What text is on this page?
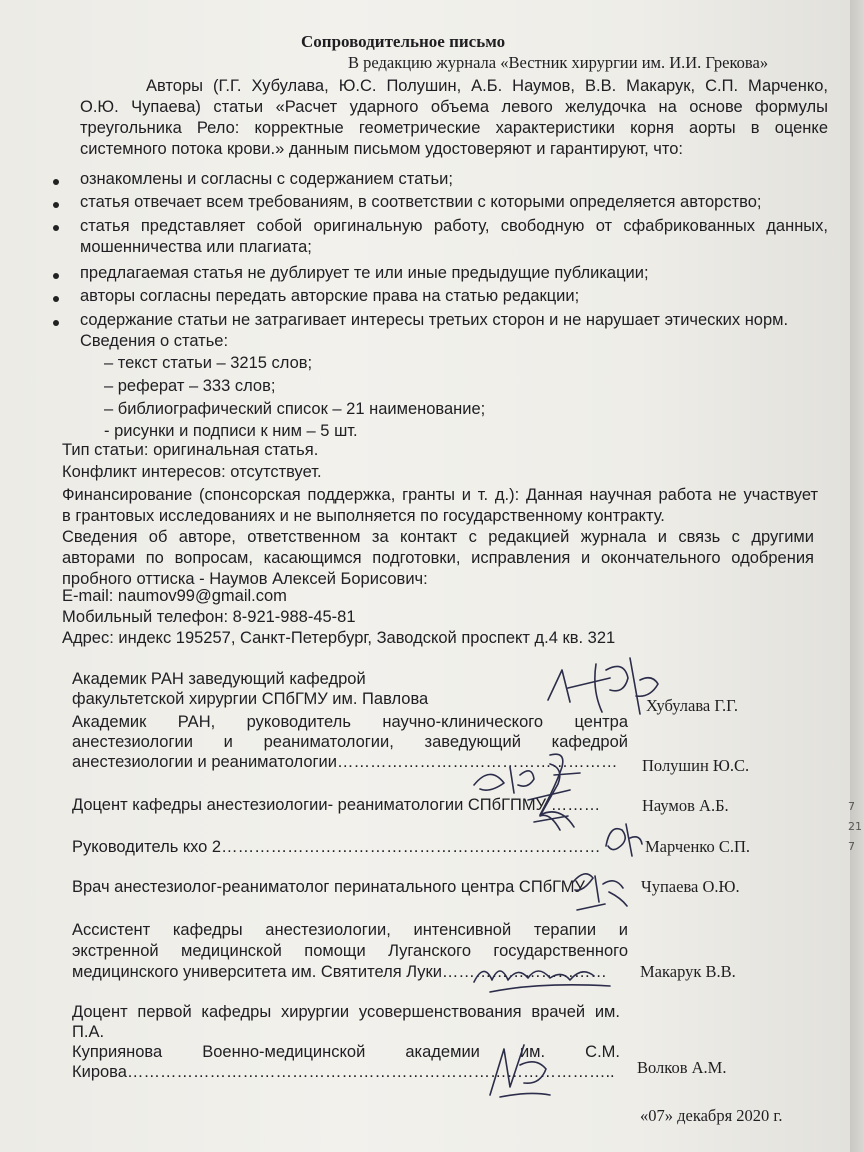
7
21
7
Сопроводительное письмо
В редакцию журнала «Вестник хирургии им. И.И. Грекова»
Авторы (Г.Г. Хубулава, Ю.С. Полушин, А.Б. Наумов, В.В. Макарук, С.П. Марченко,
О.Ю. Чупаева) статьи «Расчет ударного объема левого желудочка на основе формулы
треугольника Рело: корректные геометрические характеристики корня аорты в оценке
системного потока крови.» данным письмом удостоверяют и гарантируют, что:
ознакомлены и согласны с содержанием статьи;
статья отвечает всем требованиям, в соответствии с которыми определяется авторство;
статья представляет собой оригинальную работу, свободную от сфабрикованных данных,
мошенничества или плагиата;
предлагаемая статья не дублирует те или иные предыдущие публикации;
авторы согласны передать авторские права на статью редакции;
содержание статьи не затрагивает интересы третьих сторон и не нарушает этических норм.
Сведения о статье:
– текст статьи – 3215 слов;
– реферат – 333 слов;
– библиографический список – 21 наименование;
- рисунки и подписи к ним – 5 шт.
Тип статьи: оригинальная статья.
Конфликт интересов: отсутствует.
Финансирование (спонсорская поддержка, гранты и т. д.): Данная научная работа не участвует
в грантовых исследованиях и не выполняется по государственному контракту.
Сведения об авторе, ответственном за контакт с редакцией журнала и связь с другими
авторами по вопросам, касающимся подготовки, исправления и окончательного одобрения
пробного оттиска - Наумов Алексей Борисович:
E-mail: naumov99@gmail.com
Мобильный телефон: 8-921-988-45-81
Адрес: индекс 195257, Санкт-Петербург, Заводской проспект д.4 кв. 321
Академик РАН заведующий кафедрой
факультетской хирургии СПбГМУ им. Павлова	Хубулава Г.Г.
Академик РАН, руководитель научно-клинического центра
анестезиологии и реаниматологии, заведующий кафедрой
анестезиологии и реаниматологии……………………………………………	Полушин Ю.С.
Доцент кафедры анестезиологии- реаниматологии СПбГПМУ ………	Наумов А.Б.
Руководитель кхо 2……………………………………………………………	Марченко С.П.
Врач анестезиолог-реаниматолог перинатального центра СПбГМУ	Чупаева О.Ю.
Ассистент кафедры анестезиологии, интенсивной терапии и
экстренной медицинской помощи Луганского государственного
медицинского университета им. Святителя Луки…………………………	Макарук В.В.
Доцент первой кафедры хирургии усовершенствования врачей им. П.А.
Куприянова Военно-медицинской академии им. С.М.
Кирова……………………………………………………………………………..	Волков А.М.
«07» декабря 2020 г.
